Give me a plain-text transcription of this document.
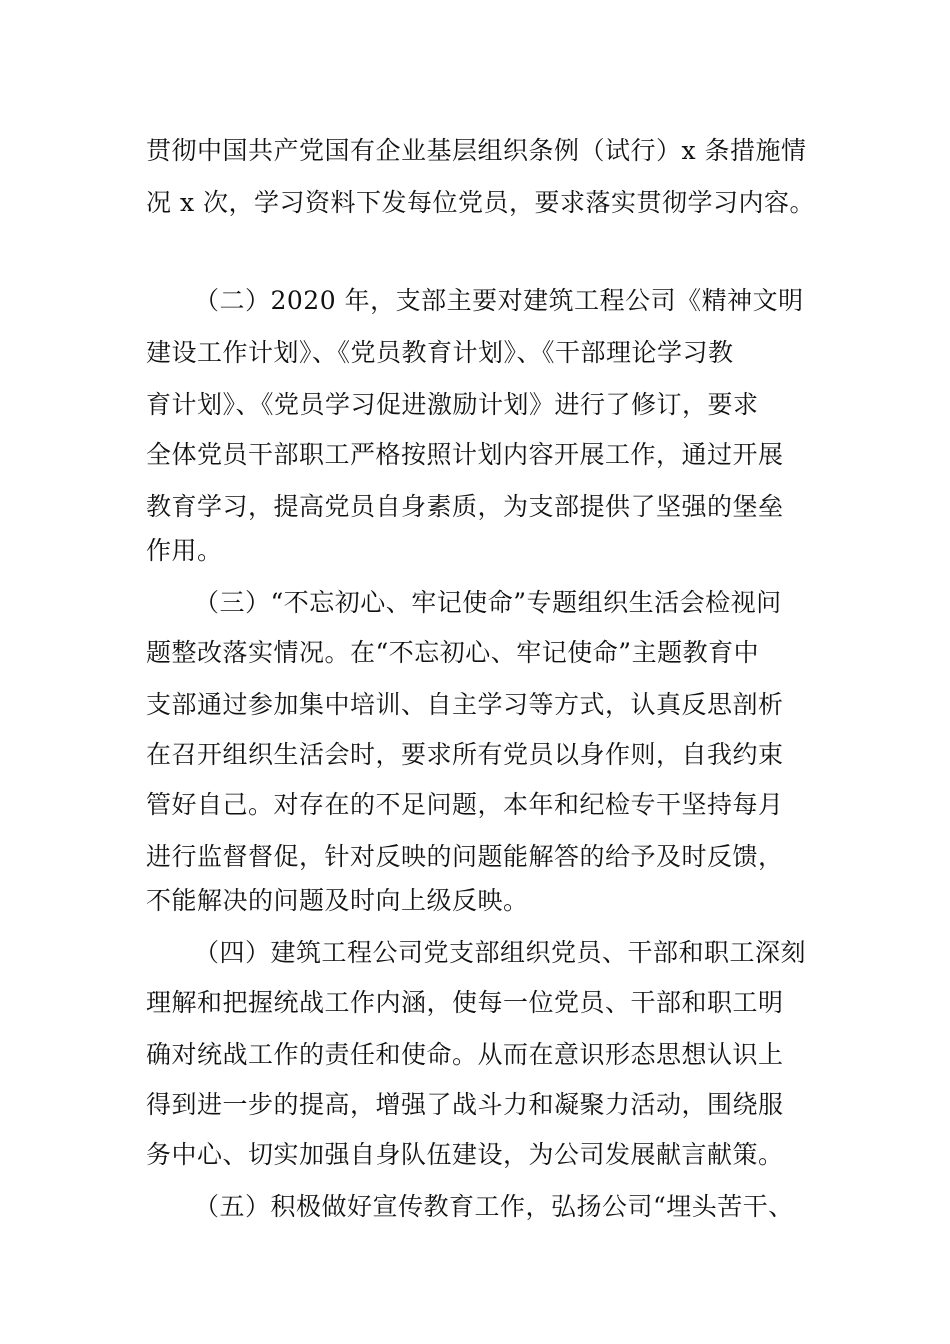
贯彻中国共产党国有企业基层组织条例（试行）x 条措施情
况 x 次，学习资料下发每位党员，要求落实贯彻学习内容。
（二）2020 年，支部主要对建筑工程公司《精神文明
建设工作计划》、《党员教育计划》、《干部理论学习教
育计划》、《党员学习促进激励计划》进行了修订，要求
全体党员干部职工严格按照计划内容开展工作，通过开展
教育学习，提高党员自身素质，为支部提供了坚强的堡垒
作用。
（三）“不忘初心、牢记使命”专题组织生活会检视问
题整改落实情况。在“不忘初心、牢记使命”主题教育中
支部通过参加集中培训、自主学习等方式，认真反思剖析
在召开组织生活会时，要求所有党员以身作则，自我约束
管好自己。对存在的不足问题，本年和纪检专干坚持每月
进行监督督促，针对反映的问题能解答的给予及时反馈，
不能解决的问题及时向上级反映。
（四）建筑工程公司党支部组织党员、干部和职工深刻
理解和把握统战工作内涵，使每一位党员、干部和职工明
确对统战工作的责任和使命。从而在意识形态思想认识上
得到进一步的提高，增强了战斗力和凝聚力活动，围绕服
务中心、切实加强自身队伍建设，为公司发展献言献策。
（五）积极做好宣传教育工作，弘扬公司“埋头苦干、
